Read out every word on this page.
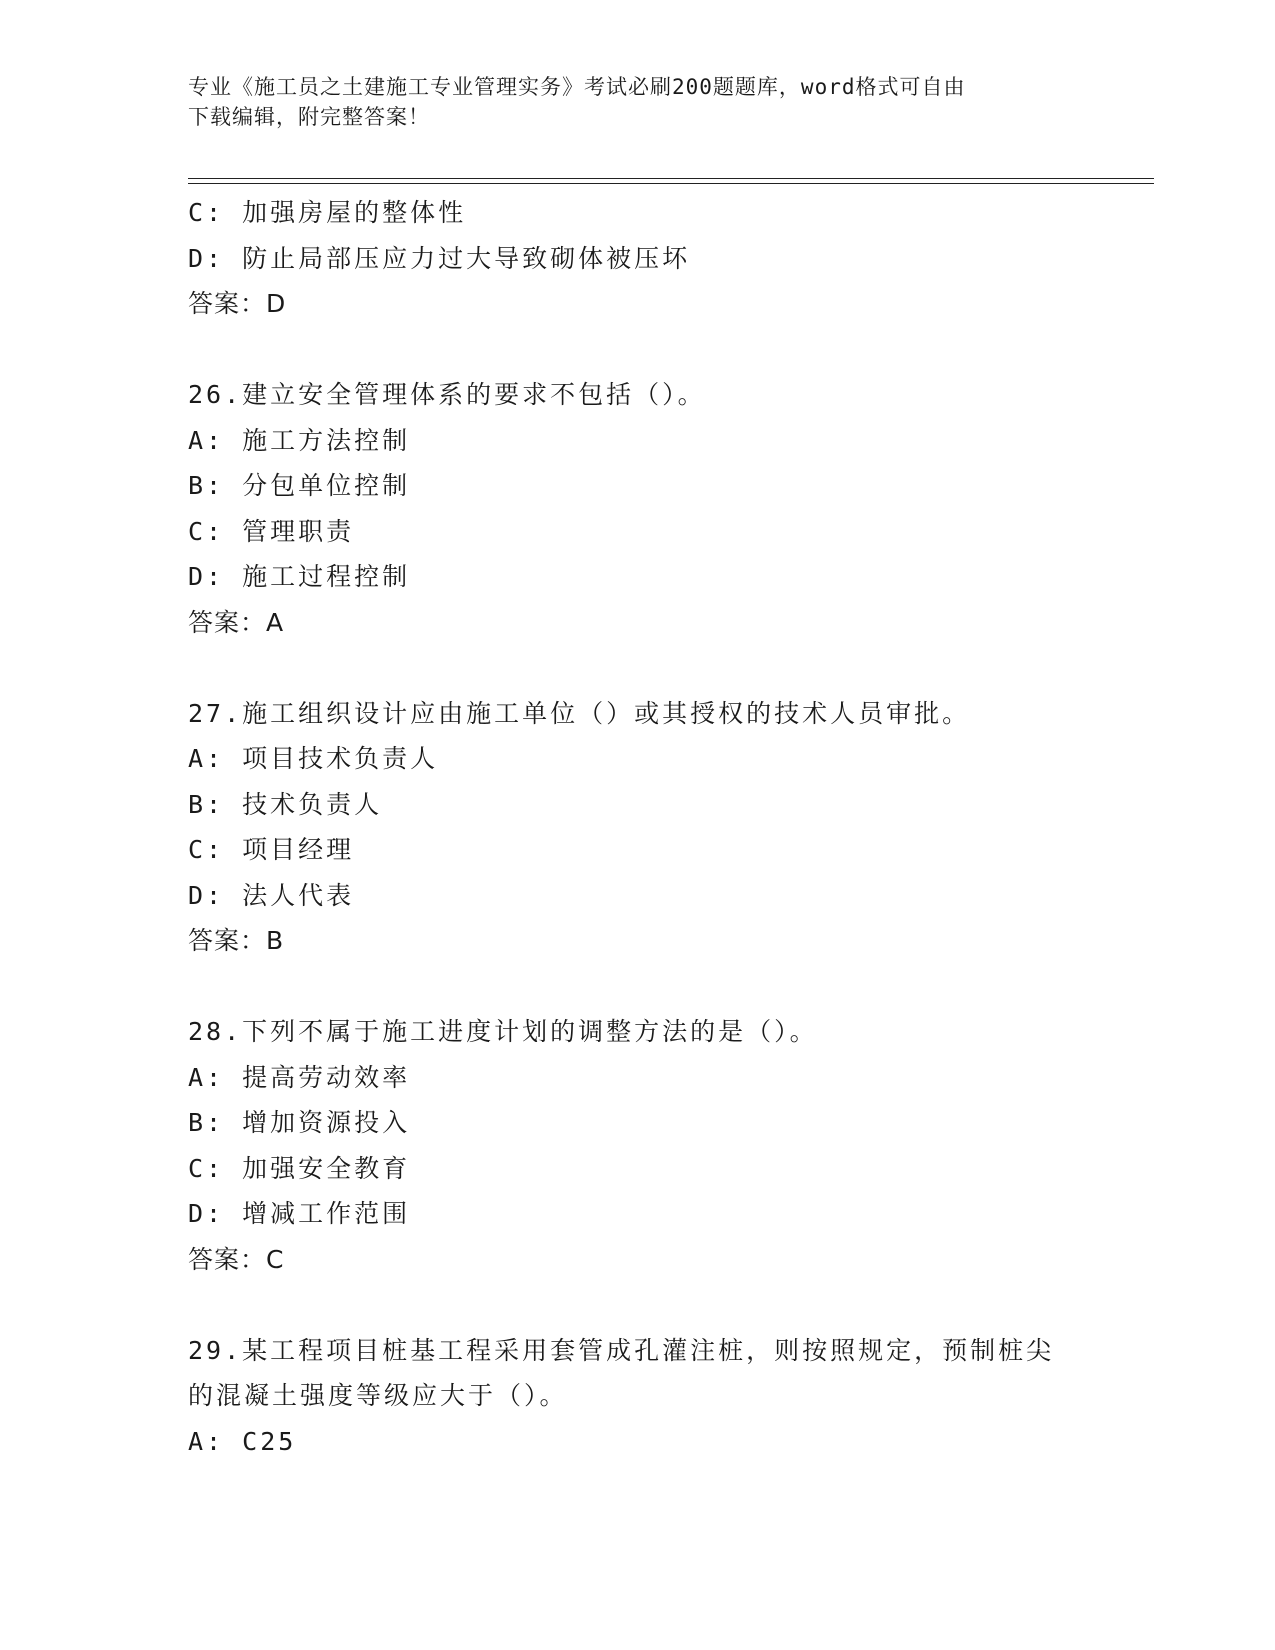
专业《施工员之土建施工专业管理实务》考试必刷200题题库，word格式可自由
下载编辑，附完整答案！
C: 加强房屋的整体性
D: 防止局部压应力过大导致砌体被压坏
答案：D
26.建立安全管理体系的要求不包括（）。
A: 施工方法控制
B: 分包单位控制
C: 管理职责
D: 施工过程控制
答案：A
27.施工组织设计应由施工单位（）或其授权的技术人员审批。
A: 项目技术负责人
B: 技术负责人
C: 项目经理
D: 法人代表
答案：B
28.下列不属于施工进度计划的调整方法的是（）。
A: 提高劳动效率
B: 增加资源投入
C: 加强安全教育
D: 增减工作范围
答案：C
29.某工程项目桩基工程采用套管成孔灌注桩，则按照规定，预制桩尖
的混凝土强度等级应大于（）。
A: C25
